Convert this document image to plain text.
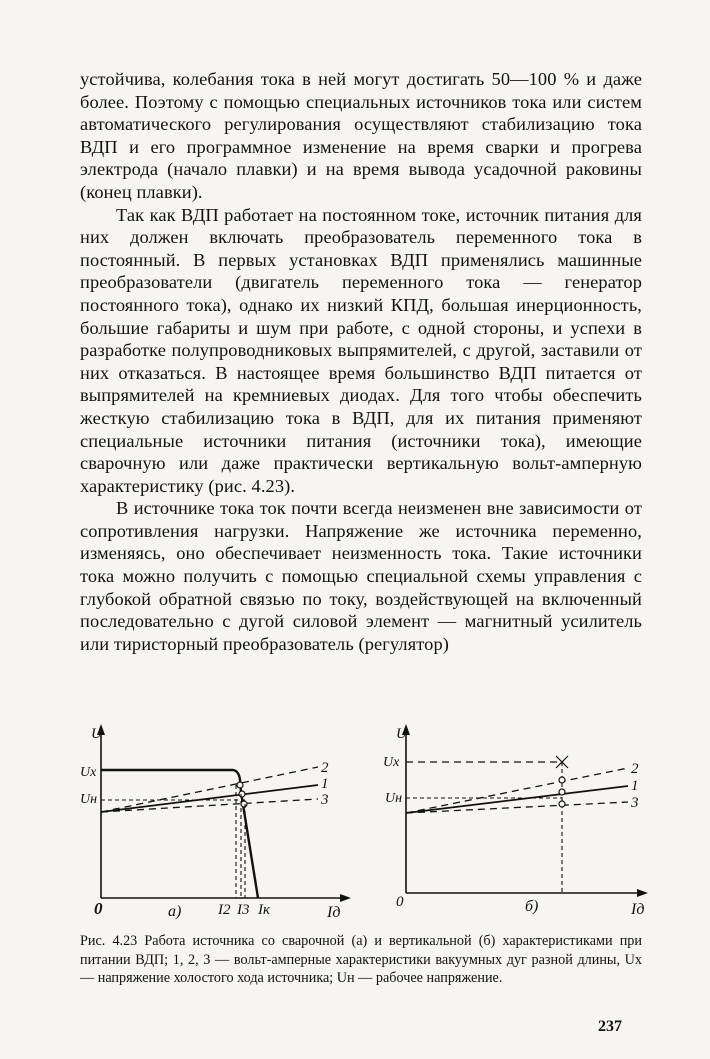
устойчива, колебания тока в ней могут достигать 50—100 % и даже более. Поэтому с помощью специальных источников тока или систем автоматического регулирования осуществляют стабилизацию тока ВДП и его программное изменение на время сварки и прогрева электрода (начало плавки) и на время вывода усадочной раковины (конец плавки).

Так как ВДП работает на постоянном токе, источник питания для них должен включать преобразователь переменного тока в постоянный. В первых установках ВДП применялись машинные преобразователи (двигатель переменного тока — генератор постоянного тока), однако их низкий КПД, большая инерционность, большие габариты и шум при работе, с одной стороны, и успехи в разработке полупроводниковых выпрямителей, с другой, заставили от них отказаться. В настоящее время большинство ВДП питается от выпрямителей на кремниевых диодах. Для того чтобы обеспечить жесткую стабилизацию тока в ВДП, для их питания применяют специальные источники питания (источники тока), имеющие сварочную или даже практически вертикальную вольт-амперную характеристику (рис. 4.23).

В источнике тока ток почти всегда неизменен вне зависимости от сопротивления нагрузки. Напряжение же источника переменно, изменяясь, оно обеспечивает неизменность тока. Такие источники тока можно получить с помощью специальной схемы управления с глубокой обратной связью по току, воздействующей на включенный последовательно с дугой силовой элемент — магнитный усилитель или тиристорный преобразователь (регулятор)

U
Uх
Uн
0
2
1
3
а) I2 I3 Iк	Iд
U
Uх
Uн
0
2
1
3
б)	Iд
Рис. 4.23 Работа источника со сварочной (а) и вертикальной (б) характеристиками при питании ВДП; 1, 2, 3 — вольт-амперные характеристики вакуумных дуг разной длины, Uх — напряжение холостого хода источника; Uн — рабочее напряжение.
237
